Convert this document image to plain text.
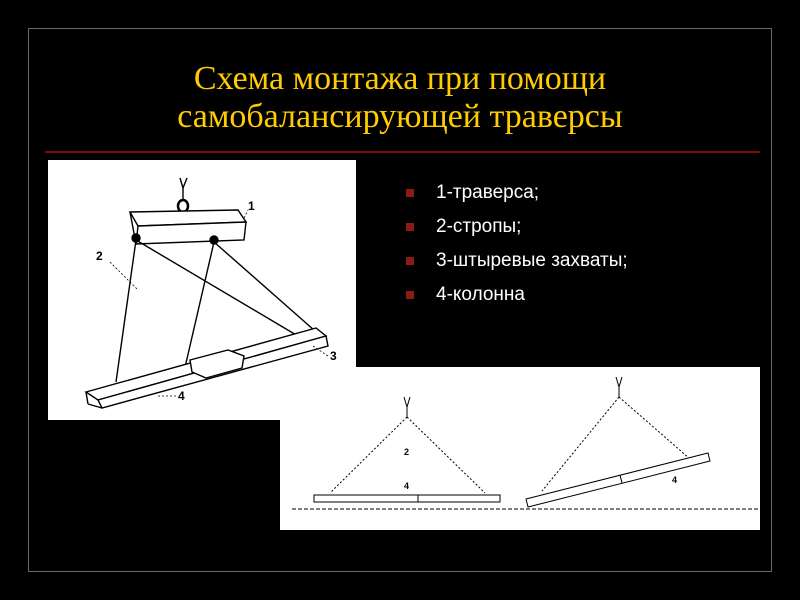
Схема монтажа при помощи
самобалансирующей траверсы
1
2
3
4
2
4
4
1-траверса;
2-стропы;
3-штыревые захваты;
4-колонна
